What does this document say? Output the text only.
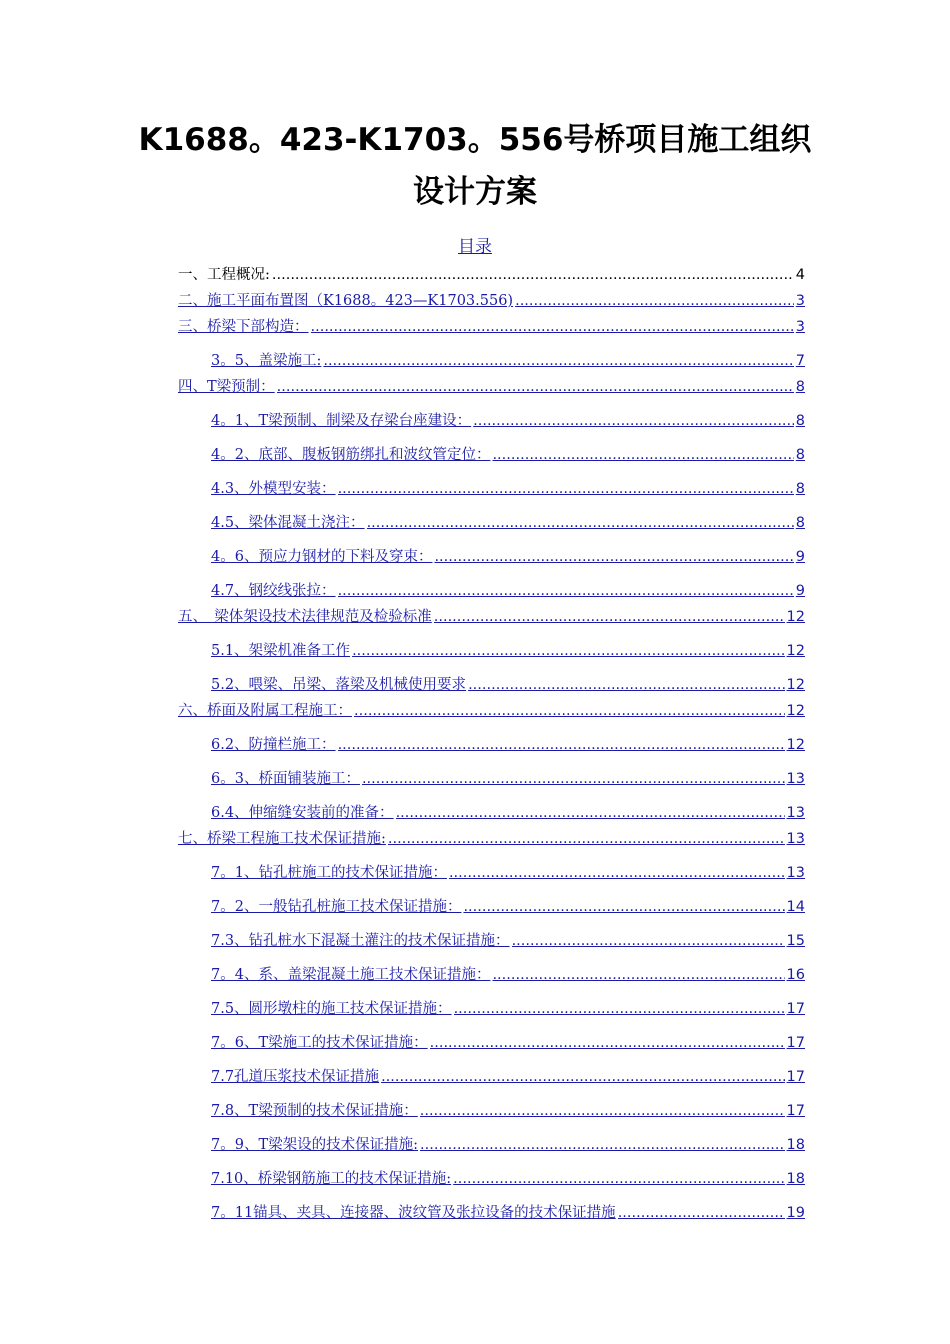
K1688。423-K1703。556号桥项目施工组织
设计方案
目录
一、工程概况: .....	4
二、施工平面布置图（K1688。423—K1703.556) .....	3
三、桥梁下部构造： .....	3
3。5、盖梁施工: .....	7
四、T梁预制： .....	8
4。1、T梁预制、制梁及存梁台座建设： .....	8
4。2、底部、腹板钢筋绑扎和波纹管定位： .....	8
4.3、外模型安装： .....	8
4.5、梁体混凝土浇注： .....	8
4。6、预应力钢材的下料及穿束： .....	9
4.7、钢绞线张拉： .....	9
五、　梁体架设技术法律规范及检验标准 .....	12
5.1、架梁机准备工作 .....	12
5.2、喂梁、吊梁、落梁及机械使用要求 .....	12
六、桥面及附属工程施工： .....	12
6.2、防撞栏施工： .....	12
6。3、桥面铺装施工： .....	13
6.4、伸缩缝安装前的准备： .....	13
七、桥梁工程施工技术保证措施: .....	13
7。1、钻孔桩施工的技术保证措施： .....	13
7。2、一般钻孔桩施工技术保证措施： .....	14
7.3、钻孔桩水下混凝土灌注的技术保证措施： .....	15
7。4、系、盖梁混凝土施工技术保证措施： .....	16
7.5、圆形墩柱的施工技术保证措施： .....	17
7。6、T梁施工的技术保证措施： .....	17
7.7孔道压浆技术保证措施 .....	17
7.8、T梁预制的技术保证措施： .....	17
7。9、T梁架设的技术保证措施: .....	18
7.10、桥梁钢筋施工的技术保证措施: .....	18
7。11锚具、夹具、连接器、波纹管及张拉设备的技术保证措施 .....	19
